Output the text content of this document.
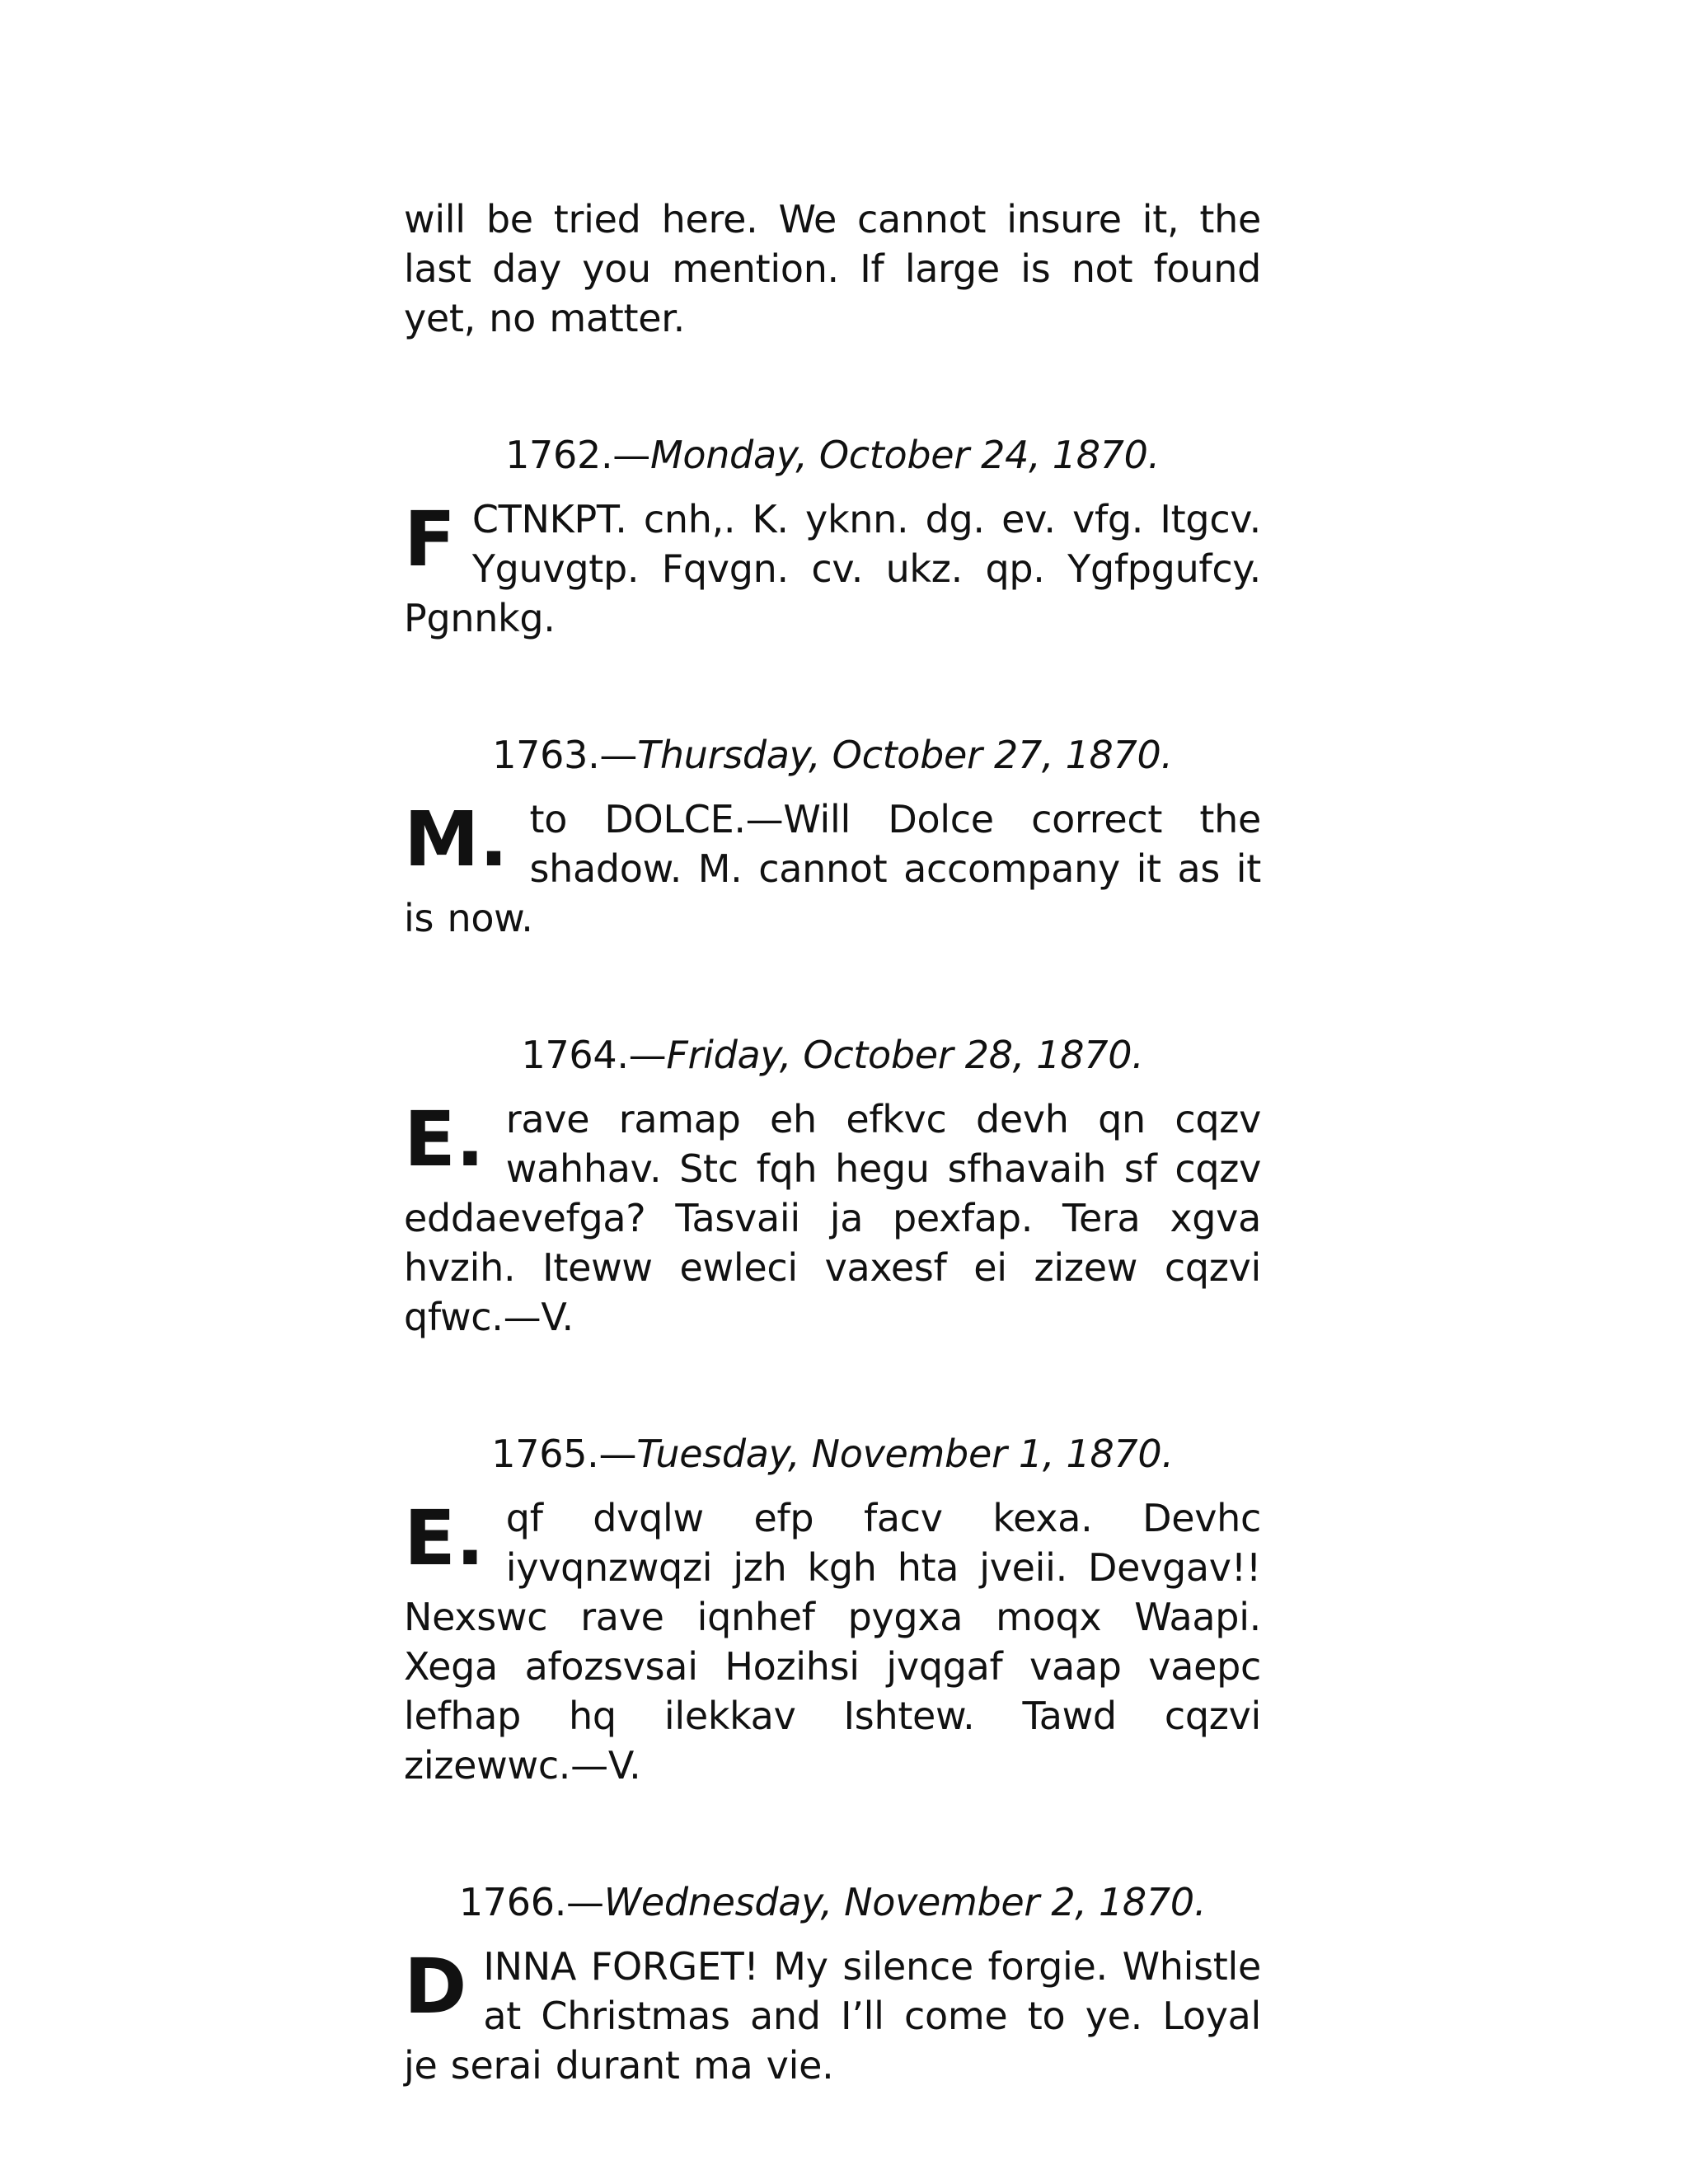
will be tried here. We cannot insure it, the last day you mention. If large is not found yet, no matter.

1762.—Monday, October 24, 1870.

FCTNKPT. cnh,. K. yknn. dg. ev. vfg. Itgcv. Yguvgtp. Fqvgn. cv. ukz. qp. Ygfpgufcy. Pgnnkg.

1763.—Thursday, October 27, 1870.

M. to DOLCE.—Will Dolce correct the shadow. M. cannot accompany it as it is now.

1764.—Friday, October 28, 1870.

E. rave ramap eh efkvc devh qn cqzv wahhav. Stc fqh hegu sfhavaih sf cqzv eddaevefga? Tasvaii ja pexfap. Tera xgva hvzih. Iteww ewleci vaxesf ei zizew cqzvi qfwc.—V.

1765.—Tuesday, November 1, 1870.

E. qf dvqlw efp facv kexa. Devhc iyvqnzwqzi jzh kgh hta jveii. Devgav!! Nexswc rave iqnhef pygxa moqx Waapi. Xega afozsvsai Hozihsi jvqgaf vaap vaepc lefhap hq ilekkav Ishtew. Tawd cqzvi zizewwc.—V.

1766.—Wednesday, November 2, 1870.

DINNA FORGET! My silence forgie. Whistle at Christmas and I’ll come to ye. Loyal je serai durant ma vie.
